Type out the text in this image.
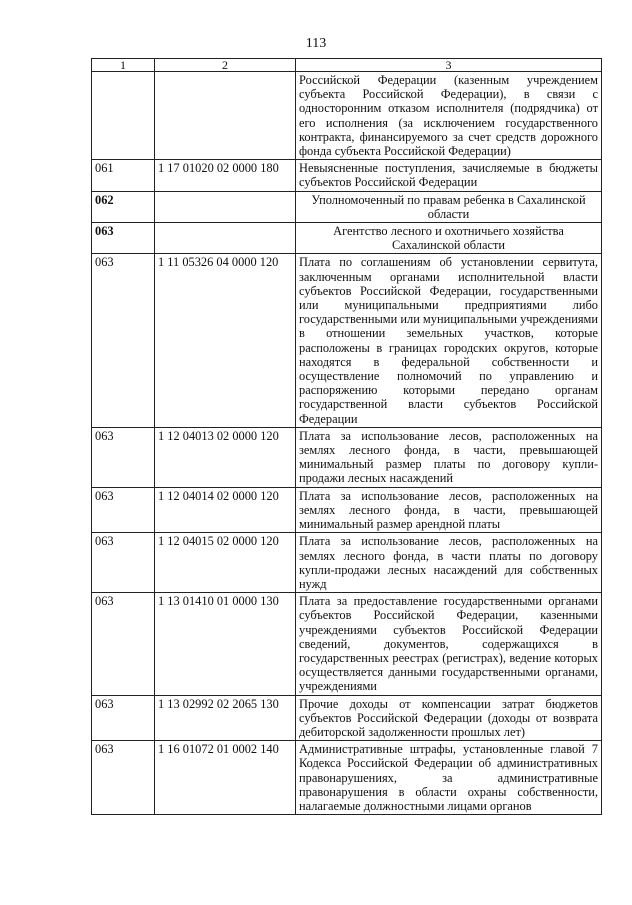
113
1	2	3
		Российской Федерации (казенным учреждением субъекта Российской Федерации), в связи с односторонним отказом исполнителя (подрядчика) от его исполнения (за исключением государственного контракта, финансируемого за счет средств дорожного фонда субъекта Российской Федерации)
061	1 17 01020 02 0000 180	Невыясненные поступления, зачисляемые в бюджеты субъектов Российской Федерации
062		Уполномоченный по правам ребенка в Сахалинской области
063		Агентство лесного и охотничьего хозяйства Сахалинской области
063	1 11 05326 04 0000 120	Плата по соглашениям об установлении сервитута, заключенным органами исполнительной власти субъектов Российской Федерации, государственными или муниципальными предприятиями либо государственными или муниципальными учреждениями в отношении земельных участков, которые расположены в границах городских округов, которые находятся в федеральной собственности и осуществление полномочий по управлению и распоряжению которыми передано органам государственной власти субъектов Российской Федерации
063	1 12 04013 02 0000 120	Плата за использование лесов, расположенных на землях лесного фонда, в части, превышающей минимальный размер платы по договору купли-продажи лесных насаждений
063	1 12 04014 02 0000 120	Плата за использование лесов, расположенных на землях лесного фонда, в части, превышающей минимальный размер арендной платы
063	1 12 04015 02 0000 120	Плата за использование лесов, расположенных на землях лесного фонда, в части платы по договору купли-продажи лесных насаждений для собственных нужд
063	1 13 01410 01 0000 130	Плата за предоставление государственными органами субъектов Российской Федерации, казенными учреждениями субъектов Российской Федерации сведений, документов, содержащихся в государственных реестрах (регистрах), ведение которых осуществляется данными государственными органами, учреждениями
063	1 13 02992 02 2065 130	Прочие доходы от компенсации затрат бюджетов субъектов Российской Федерации (доходы от возврата дебиторской задолженности прошлых лет)
063	1 16 01072 01 0002 140	Административные штрафы, установленные главой 7 Кодекса Российской Федерации об административных правонарушениях, за административные правонарушения в области охраны собственности, налагаемые должностными лицами органов
